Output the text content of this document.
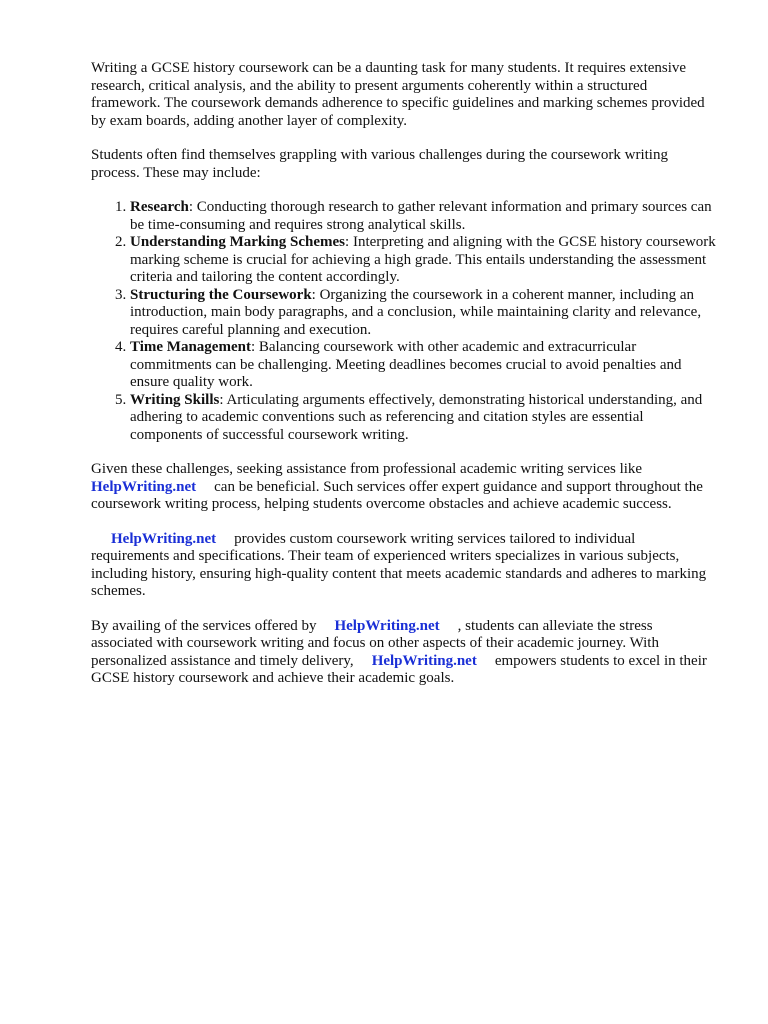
Writing a GCSE history coursework can be a daunting task for many students. It requires extensive research, critical analysis, and the ability to present arguments coherently within a structured framework. The coursework demands adherence to specific guidelines and marking schemes provided by exam boards, adding another layer of complexity.

Students often find themselves grappling with various challenges during the coursework writing process. These may include:

1. Research: Conducting thorough research to gather relevant information and primary sources can be time-consuming and requires strong analytical skills.
2. Understanding Marking Schemes: Interpreting and aligning with the GCSE history coursework marking scheme is crucial for achieving a high grade. This entails understanding the assessment criteria and tailoring the content accordingly.
3. Structuring the Coursework: Organizing the coursework in a coherent manner, including an introduction, main body paragraphs, and a conclusion, while maintaining clarity and relevance, requires careful planning and execution.
4. Time Management: Balancing coursework with other academic and extracurricular commitments can be challenging. Meeting deadlines becomes crucial to avoid penalties and ensure quality work.
5. Writing Skills: Articulating arguments effectively, demonstrating historical understanding, and adhering to academic conventions such as referencing and citation styles are essential components of successful coursework writing.

Given these challenges, seeking assistance from professional academic writing services like
HelpWriting.net can be beneficial. Such services offer expert guidance and support throughout the coursework writing process, helping students overcome obstacles and achieve academic success.

HelpWriting.net provides custom coursework writing services tailored to individual requirements and specifications. Their team of experienced writers specializes in various subjects, including history, ensuring high-quality content that meets academic standards and adheres to marking schemes.

By availing of the services offered by HelpWriting.net , students can alleviate the stress associated with coursework writing and focus on other aspects of their academic journey. With personalized assistance and timely delivery, HelpWriting.net empowers students to excel in their GCSE history coursework and achieve their academic goals.
